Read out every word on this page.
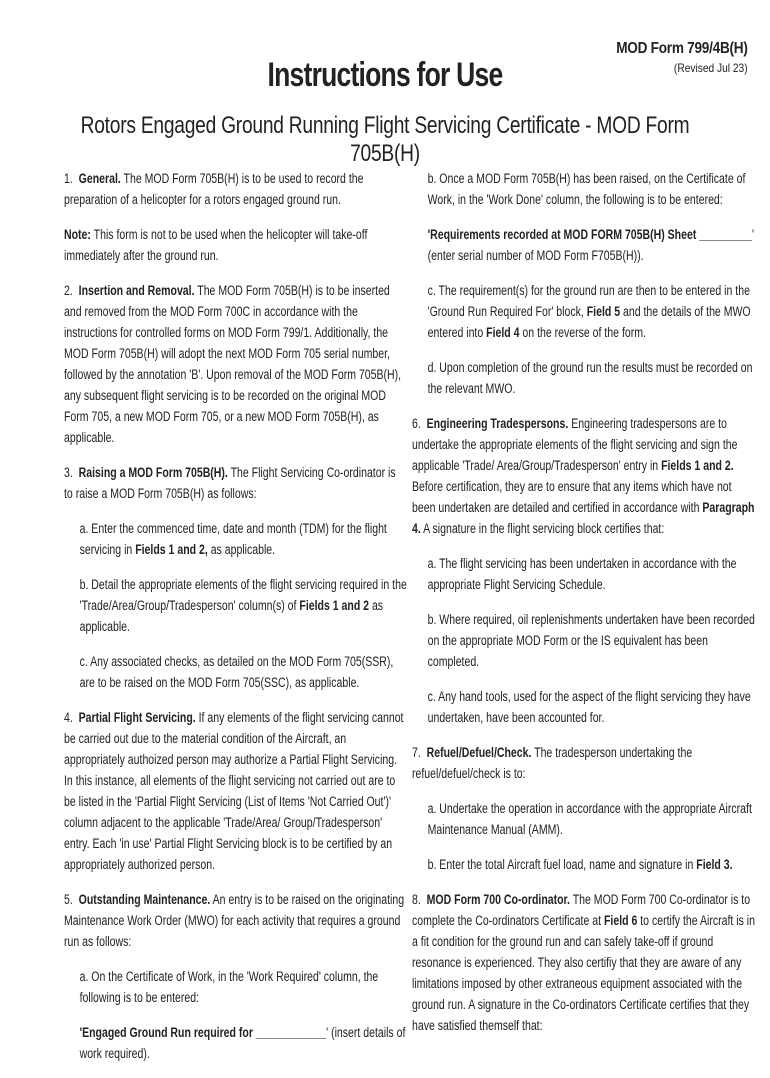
MOD Form 799/4B(H)
(Revised Jul 23)
Instructions for Use
Rotors Engaged Ground Running Flight Servicing Certificate - MOD Form 705B(H)

1. General. The MOD Form 705B(H) is to be used to record the preparation of a helicopter for a rotors engaged ground run.

Note: This form is not to be used when the helicopter will take-off immediately after the ground run.

2. Insertion and Removal. The MOD Form 705B(H) is to be inserted and removed from the MOD Form 700C in accordance with the instructions for controlled forms on MOD Form 799/1. Additionally, the MOD Form 705B(H) will adopt the next MOD Form 705 serial number, followed by the annotation 'B'. Upon removal of the MOD Form 705B(H), any subsequent flight servicing is to be recorded on the original MOD Form 705, a new MOD Form 705, or a new MOD Form 705B(H), as applicable.

3. Raising a MOD Form 705B(H). The Flight Servicing Co-ordinator is to raise a MOD Form 705B(H) as follows:

a. Enter the commenced time, date and month (TDM) for the flight servicing in Fields 1 and 2, as applicable.

b. Detail the appropriate elements of the flight servicing required in the 'Trade/Area/Group/Tradesperson' column(s) of Fields 1 and 2 as applicable.

c. Any associated checks, as detailed on the MOD Form 705(SSR), are to be raised on the MOD Form 705(SSC), as applicable.

4. Partial Flight Servicing. If any elements of the flight servicing cannot be carried out due to the material condition of the Aircraft, an appropriately authoized person may authorize a Partial Flight Servicing. In this instance, all elements of the flight servicing not carried out are to be listed in the 'Partial Flight Servicing (List of Items 'Not Carried Out')' column adjacent to the applicable 'Trade/Area/ Group/Tradesperson' entry. Each 'in use' Partial Flight Servicing block is to be certified by an appropriately authorized person.

5. Outstanding Maintenance. An entry is to be raised on the originating Maintenance Work Order (MWO) for each activity that requires a ground run as follows:

a. On the Certificate of Work, in the 'Work Required' column, the following is to be entered:

'Engaged Ground Run required for ____________' (insert details of work required).

b. Once a MOD Form 705B(H) has been raised, on the Certificate of Work, in the 'Work Done' column, the following is to be entered:

'Requirements recorded at MOD FORM 705B(H) Sheet _________' (enter serial number of MOD Form F705B(H)).

c. The requirement(s) for the ground run are then to be entered in the 'Ground Run Required For' block, Field 5 and the details of the MWO entered into Field 4 on the reverse of the form.

d. Upon completion of the ground run the results must be recorded on the relevant MWO.

6. Engineering Tradespersons. Engineering tradespersons are to undertake the appropriate elements of the flight servicing and sign the applicable 'Trade/ Area/Group/Tradesperson' entry in Fields 1 and 2. Before certification, they are to ensure that any items which have not been undertaken are detailed and certified in accordance with Paragraph 4. A signature in the flight servicing block certifies that:

a. The flight servicing has been undertaken in accordance with the appropriate Flight Servicing Schedule.

b. Where required, oil replenishments undertaken have been recorded on the appropriate MOD Form or the IS equivalent has been completed.

c. Any hand tools, used for the aspect of the flight servicing they have undertaken, have been accounted for.

7. Refuel/Defuel/Check. The tradesperson undertaking the refuel/defuel/check is to:

a. Undertake the operation in accordance with the appropriate Aircraft Maintenance Manual (AMM).

b. Enter the total Aircraft fuel load, name and signature in Field 3.

8. MOD Form 700 Co-ordinator. The MOD Form 700 Co-ordinator is to complete the Co-ordinators Certificate at Field 6 to certify the Aircraft is in a fit condition for the ground run and can safely take-off if ground resonance is experienced. They also certifiy that they are aware of any limitations imposed by other extraneous equipment associated with the ground run. A signature in the Co-ordinators Certificate certifies that they have satisfied themself that:
